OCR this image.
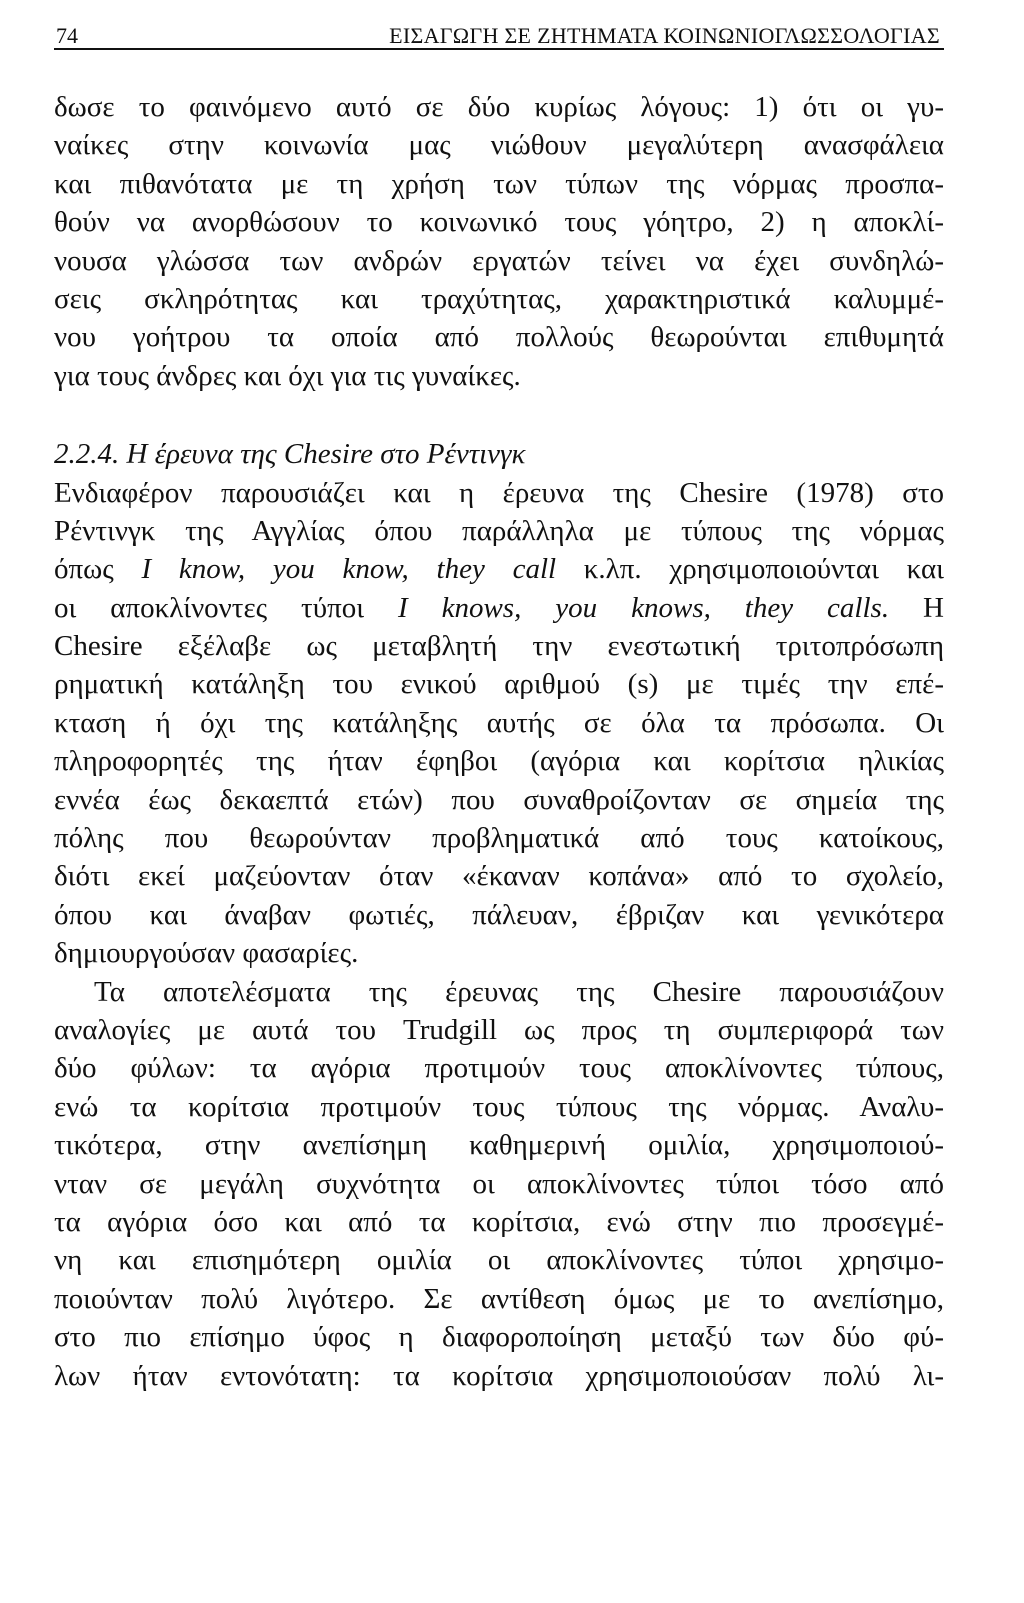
74	ΕΙΣΑΓΩΓΗ ΣΕ ΖΗΤΗΜΑΤΑ ΚΟΙΝΩΝΙΟΓΛΩΣΣΟΛΟΓΙΑΣ
δωσε το φαινόμενο αυτό σε δύο κυρίως λόγους: 1) ότι οι γυ-
ναίκες στην κοινωνία μας νιώθουν μεγαλύτερη ανασφάλεια
και πιθανότατα με τη χρήση των τύπων της νόρμας προσπα-
θούν να ανορθώσουν το κοινωνικό τους γόητρο, 2) η αποκλί-
νουσα γλώσσα των ανδρών εργατών τείνει να έχει συνδηλώ-
σεις σκληρότητας και τραχύτητας, χαρακτηριστικά καλυμμέ-
νου γοήτρου τα οποία από πολλούς θεωρούνται επιθυμητά
για τους άνδρες και όχι για τις γυναίκες.
2.2.4. Η έρευνα της Chesire στο Ρέντινγκ
Ενδιαφέρον παρουσιάζει και η έρευνα της Chesire (1978) στο
Ρέντινγκ της Αγγλίας όπου παράλληλα με τύπους της νόρμας
όπως I know, you know, they call κ.λπ. χρησιμοποιούνται και
οι αποκλίνοντες τύποι I knows, you knows, they calls. Η
Chesire εξέλαβε ως μεταβλητή την ενεστωτική τριτοπρόσωπη
ρηματική κατάληξη του ενικού αριθμού (s) με τιμές την επέ-
κταση ή όχι της κατάληξης αυτής σε όλα τα πρόσωπα. Οι
πληροφορητές της ήταν έφηβοι (αγόρια και κορίτσια ηλικίας
εννέα έως δεκαεπτά ετών) που συναθροίζονταν σε σημεία της
πόλης που θεωρούνταν προβληματικά από τους κατοίκους,
διότι εκεί μαζεύονταν όταν «έκαναν κοπάνα» από το σχολείο,
όπου και άναβαν φωτιές, πάλευαν, έβριζαν και γενικότερα
δημιουργούσαν φασαρίες.
Τα αποτελέσματα της έρευνας της Chesire παρουσιάζουν
αναλογίες με αυτά του Trudgill ως προς τη συμπεριφορά των
δύο φύλων: τα αγόρια προτιμούν τους αποκλίνοντες τύπους,
ενώ τα κορίτσια προτιμούν τους τύπους της νόρμας. Αναλυ-
τικότερα, στην ανεπίσημη καθημερινή ομιλία, χρησιμοποιού-
νταν σε μεγάλη συχνότητα οι αποκλίνοντες τύποι τόσο από
τα αγόρια όσο και από τα κορίτσια, ενώ στην πιο προσεγμέ-
νη και επισημότερη ομιλία οι αποκλίνοντες τύποι χρησιμο-
ποιούνταν πολύ λιγότερο. Σε αντίθεση όμως με το ανεπίσημο,
στο πιο επίσημο ύφος η διαφοροποίηση μεταξύ των δύο φύ-
λων ήταν εντονότατη: τα κορίτσια χρησιμοποιούσαν πολύ λι-
